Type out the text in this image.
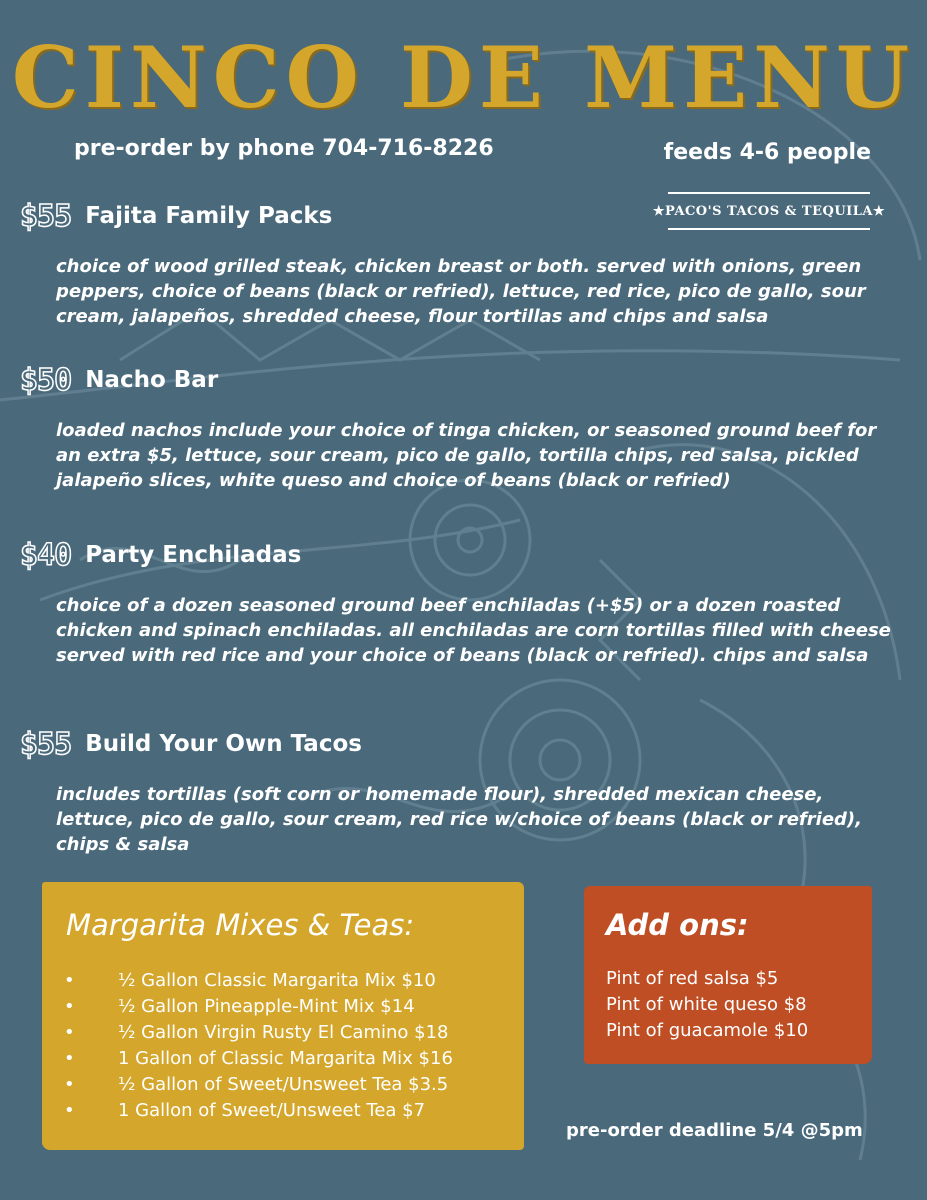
CINCO DE MENU
pre-order by phone 704-716-8226	feeds 4-6 people
★PACO'S TACOS & TEQUILA★
$55 Fajita Family Packs
choice of wood grilled steak, chicken breast or both. served with onions, green peppers, choice of beans (black or refried), lettuce, red rice, pico de gallo, sour cream, jalapeños, shredded cheese, flour tortillas and chips and salsa
$50 Nacho Bar
loaded nachos include your choice of tinga chicken, or seasoned ground beef for an extra $5, lettuce, sour cream, pico de gallo, tortilla chips, red salsa, pickled jalapeño slices, white queso and choice of beans (black or refried)
$40 Party Enchiladas
choice of a dozen seasoned ground beef enchiladas (+$5) or a dozen roasted chicken and spinach enchiladas. all enchiladas are corn tortillas filled with cheese served with red rice and your choice of beans (black or refried). chips and salsa
$55 Build Your Own Tacos
includes tortillas (soft corn or homemade flour), shredded mexican cheese, lettuce, pico de gallo, sour cream, red rice w/choice of beans (black or refried), chips & salsa
Margarita Mixes & Teas:
•	½ Gallon Classic Margarita Mix $10
•	½ Gallon Pineapple-Mint Mix $14
•	½ Gallon Virgin Rusty El Camino $18
•	1 Gallon of Classic Margarita Mix $16
•	½ Gallon of Sweet/Unsweet Tea $3.5
•	1 Gallon of Sweet/Unsweet Tea $7
Add ons:
Pint of red salsa $5
Pint of white queso $8
Pint of guacamole $10
pre-order deadline 5/4 @5pm
